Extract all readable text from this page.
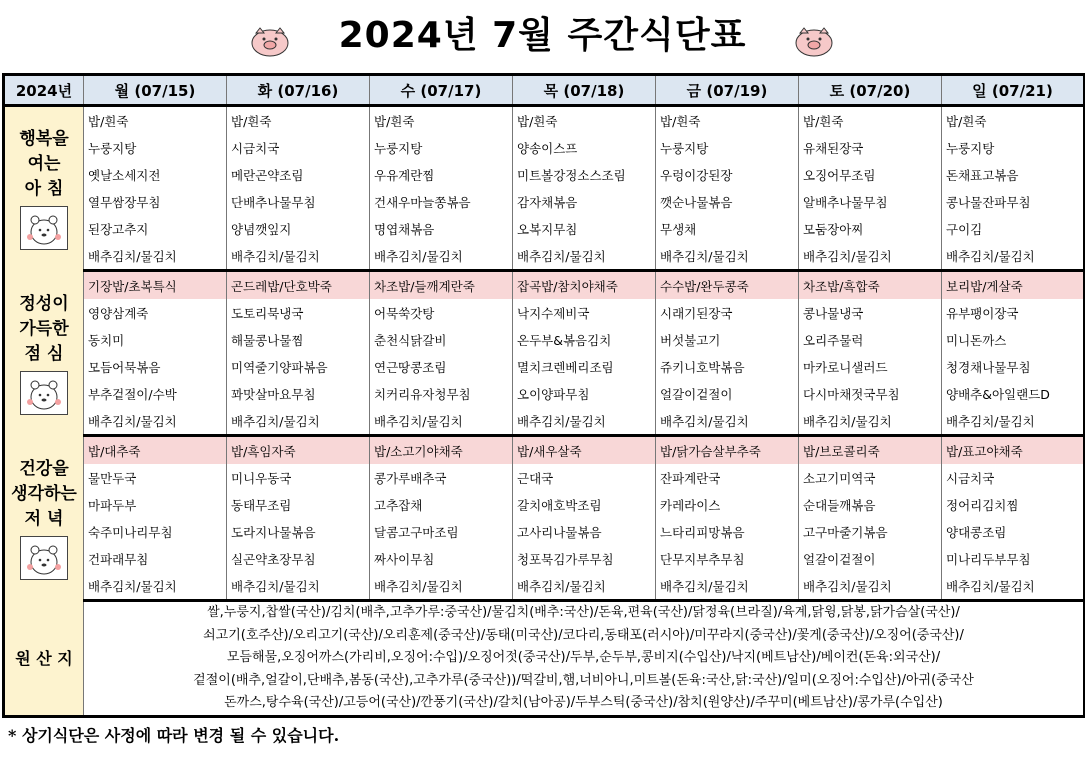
2024년 7월 주간식단표
2024년	월 (07/15)	화 (07/16)	수 (07/17)	목 (07/18)	금 (07/19)	토 (07/20)	일 (07/21)

행복을
여는
아 침	밥/흰죽	밥/흰죽	밥/흰죽	밥/흰죽	밥/흰죽	밥/흰죽	밥/흰죽
	누룽지탕	시금치국	누룽지탕	양송이스프	누룽지탕	유채된장국	누룽지탕
	옛날소세지전	메란곤약조림	우유계란찜	미트볼강정소스조림	우렁이강된장	오징어무조림	돈채표고볶음
	열무쌈장무침	단배추나물무침	건새우마늘쫑볶음	감자채볶음	깻순나물볶음	알배추나물무침	콩나물잔파무침
	된장고추지	양념깻잎지	명엽채볶음	오복지무침	무생채	모둠장아찌	구이김
	배추김치/물김치	배추김치/물김치	배추김치/물김치	배추김치/물김치	배추김치/물김치	배추김치/물김치	배추김치/물김치

정성이
가득한
점 심	기장밥/초복특식	곤드레밥/단호박죽	차조밥/들깨계란죽	잡곡밥/참치야채죽	수수밥/완두콩죽	차조밥/흑합죽	보리밥/게살죽
	영양삼계죽	도토리묵냉국	어묵쑥갓탕	낙지수제비국	시래기된장국	콩나물냉국	유부팽이장국
	동치미	해물콩나물찜	춘천식닭갈비	온두부&볶음김치	버섯불고기	오리주물럭	미니돈까스
	모듬어묵볶음	미역줄기양파볶음	연근땅콩조림	멸치크렌베리조림	쥬키니호박볶음	마카로니샐러드	청경채나물무침
	부추겉절이/수박	꽈맛살마요무침	치커리유자청무침	오이양파무침	얼갈이겉절이	다시마채젓국무침	양배추&아일랜드D
	배추김치/물김치	배추김치/물김치	배추김치/물김치	배추김치/물김치	배추김치/물김치	배추김치/물김치	배추김치/물김치

건강을
생각하는
저 녁	밥/대추죽	밥/흑임자죽	밥/소고기야채죽	밥/새우살죽	밥/닭가슴살부추죽	밥/브로콜리죽	밥/표고야채죽
	물만두국	미니우동국	콩가루배추국	근대국	잔파계란국	소고기미역국	시금치국
	마파두부	동태무조림	고추잡채	갈치애호박조림	카레라이스	순대들깨볶음	정어리김치찜
	숙주미나리무침	도라지나물볶음	달콤고구마조림	고사리나물볶음	느타리피망볶음	고구마줄기볶음	양대콩조림
	건파래무침	실곤약초장무침	짜사이무침	청포묵김가루무침	단무지부추무침	얼갈이겉절이	미나리두부무침
	배추김치/물김치	배추김치/물김치	배추김치/물김치	배추김치/물김치	배추김치/물김치	배추김치/물김치	배추김치/물김치
원 산 지	쌀,누룽지,찹쌀(국산)/김치(배추,고추가루:중국산)/물김치(배추:국산)/돈육,편육(국산)/닭정육(브라질)/육계,닭윙,닭봉,닭가슴살(국산)/
쇠고기(호주산)/오리고기(국산)/오리훈제(중국산)/동태(미국산)/코다리,동태포(러시아)/미꾸라지(중국산)/꽃게(중국산)/오징어(중국산)/
모듬해물,오징어까스(가리비,오징어:수입)/오징어젓(중국산)/두부,순두부,콩비지(수입산)/낙지(베트남산)/베이컨(돈육:외국산)/
겉절이(배추,얼갈이,단배추,봄동(국산),고추가루(중국산))/떡갈비,햄,너비아니,미트볼(돈육:국산,닭:국산)/일미(오징어:수입산)/아귀(중국산
돈까스,탕수육(국산)/고등어(국산)/깐풍기(국산)/갈치(남아공)/두부스틱(중국산)/참치(원양산)/주꾸미(베트남산)/콩가루(수입산)						
* 상기식단은 사정에 따라 변경 될 수 있습니다.
